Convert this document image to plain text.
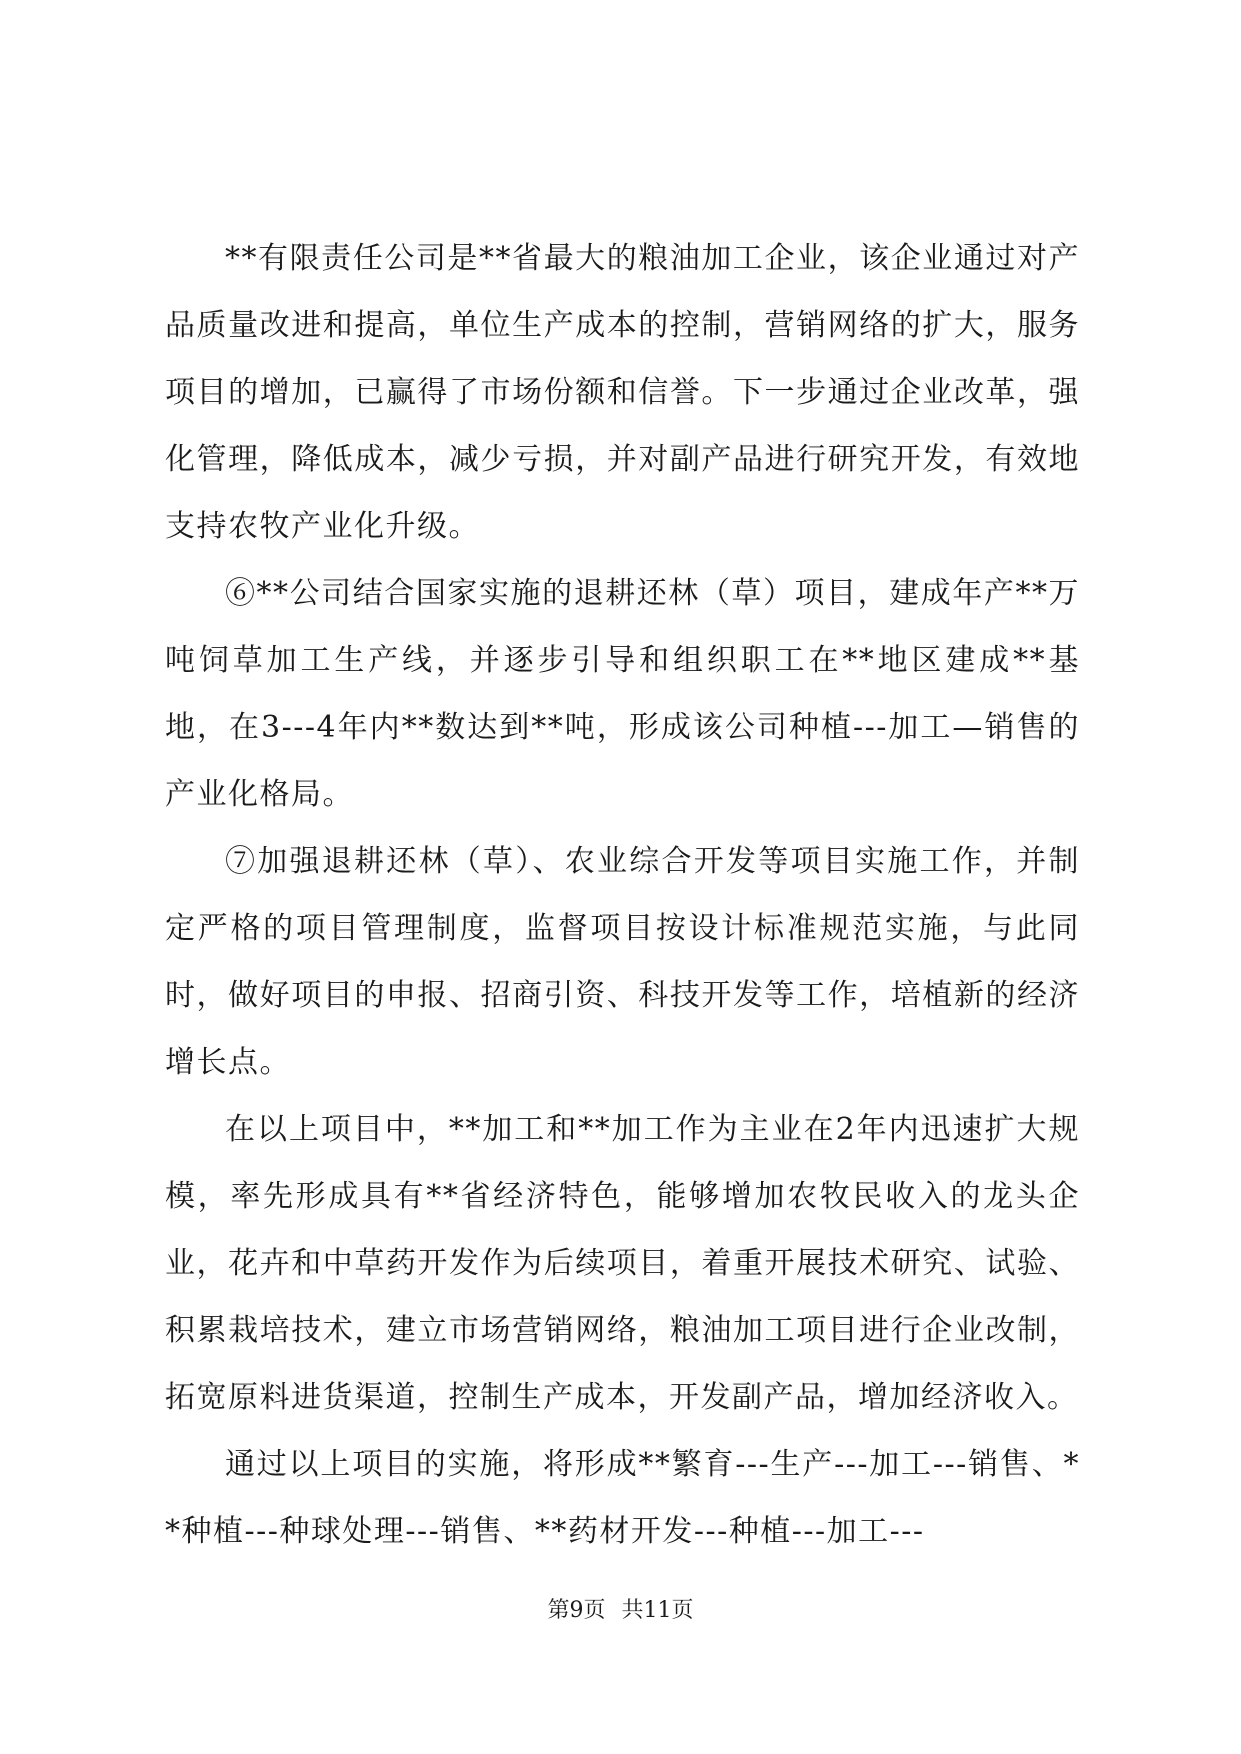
**有限责任公司是**省最大的粮油加工企业，该企业通过对产品质量改进和提高，单位生产成本的控制，营销网络的扩大，服务项目的增加，已赢得了市场份额和信誉。下一步通过企业改革，强化管理，降低成本，减少亏损，并对副产品进行研究开发，有效地支持农牧产业化升级。

⑥**公司结合国家实施的退耕还林（草）项目，建成年产**万吨饲草加工生产线，并逐步引导和组织职工在**地区建成**基地，在3---4年内**数达到**吨，形成该公司种植---加工—销售的产业化格局。

⑦加强退耕还林（草）、农业综合开发等项目实施工作，并制定严格的项目管理制度，监督项目按设计标准规范实施，与此同时，做好项目的申报、招商引资、科技开发等工作，培植新的经济增长点。

在以上项目中，**加工和**加工作为主业在2年内迅速扩大规模，率先形成具有**省经济特色，能够增加农牧民收入的龙头企业，花卉和中草药开发作为后续项目，着重开展技术研究、试验、积累栽培技术，建立市场营销网络，粮油加工项目进行企业改制，拓宽原料进货渠道，控制生产成本，开发副产品，增加经济收入。

通过以上项目的实施，将形成**繁育---生产---加工---销售、**种植---种球处理---销售、**药材开发---种植---加工---

第9页 共11页
